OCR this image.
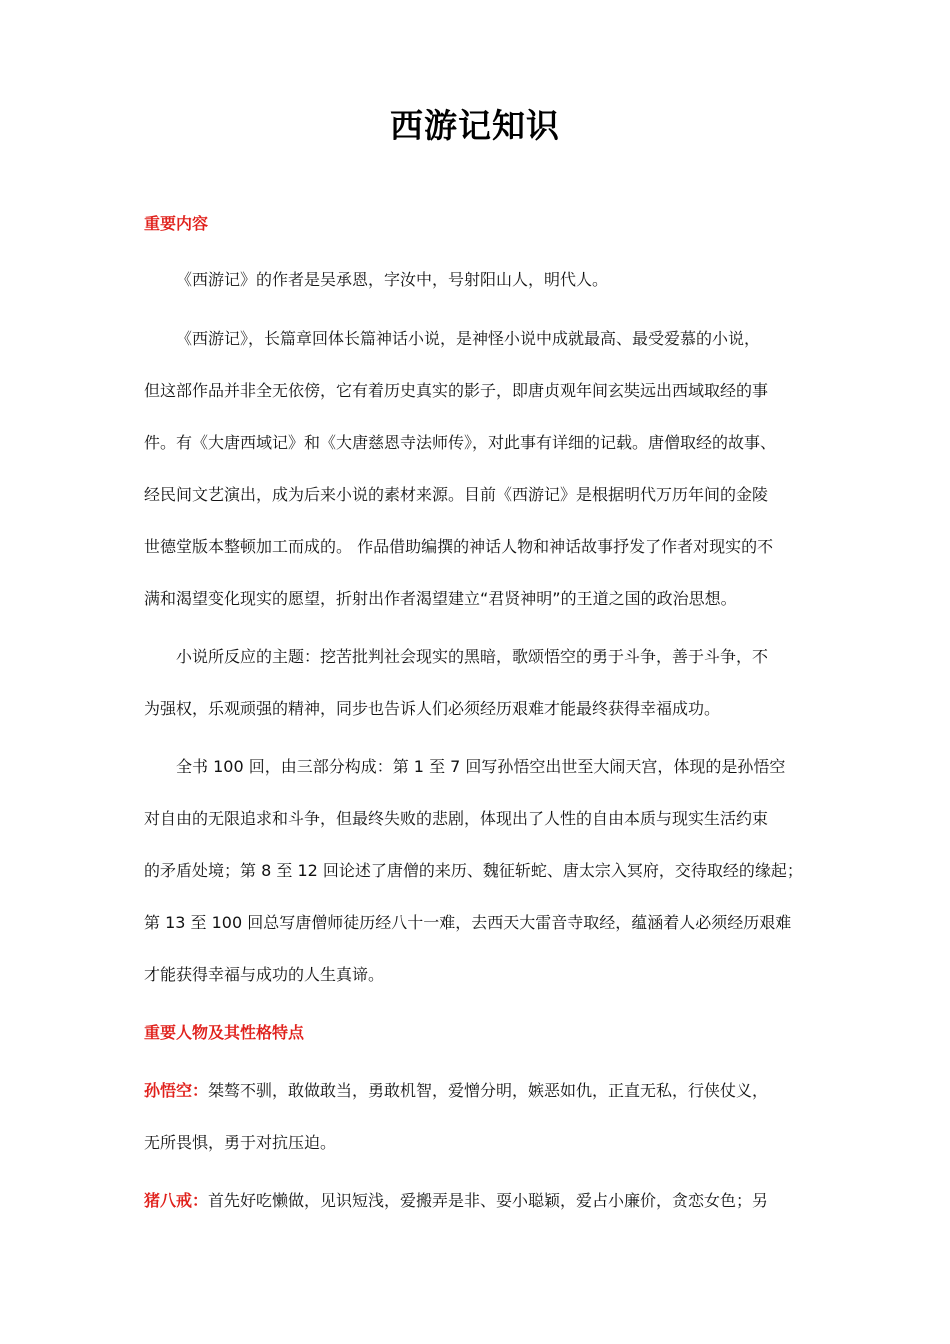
西游记知识
重要内容
《西游记》的作者是吴承恩，字汝中，号射阳山人，明代人。
《西游记》，长篇章回体长篇神话小说，是神怪小说中成就最高、最受爱慕的小说，
但这部作品并非全无依傍，它有着历史真实的影子，即唐贞观年间玄奘远出西域取经的事
件。有《大唐西域记》和《大唐慈恩寺法师传》，对此事有详细的记载。唐僧取经的故事、
经民间文艺演出，成为后来小说的素材来源。目前《西游记》是根据明代万历年间的金陵
世德堂版本整顿加工而成的。 作品借助编撰的神话人物和神话故事抒发了作者对现实的不
满和渴望变化现实的愿望，折射出作者渴望建立“君贤神明”的王道之国的政治思想。
小说所反应的主题：挖苦批判社会现实的黑暗，歌颂悟空的勇于斗争，善于斗争，不
为强权，乐观顽强的精神，同步也告诉人们必须经历艰难才能最终获得幸福成功。
全书 100 回，由三部分构成：第 1 至 7 回写孙悟空出世至大闹天宫，体现的是孙悟空
对自由的无限追求和斗争，但最终失败的悲剧，体现出了人性的自由本质与现实生活约束
的矛盾处境；第 8 至 12 回论述了唐僧的来历、魏征斩蛇、唐太宗入冥府，交待取经的缘起；
第 13 至 100 回总写唐僧师徒历经八十一难，去西天大雷音寺取经，蕴涵着人必须经历艰难
才能获得幸福与成功的人生真谛。
重要人物及其性格特点
孙悟空：桀骜不驯，敢做敢当，勇敢机智，爱憎分明，嫉恶如仇，正直无私，行侠仗义，
无所畏惧，勇于对抗压迫。
猪八戒：首先好吃懒做，见识短浅，爱搬弄是非、耍小聪颖，爱占小廉价，贪恋女色；另
